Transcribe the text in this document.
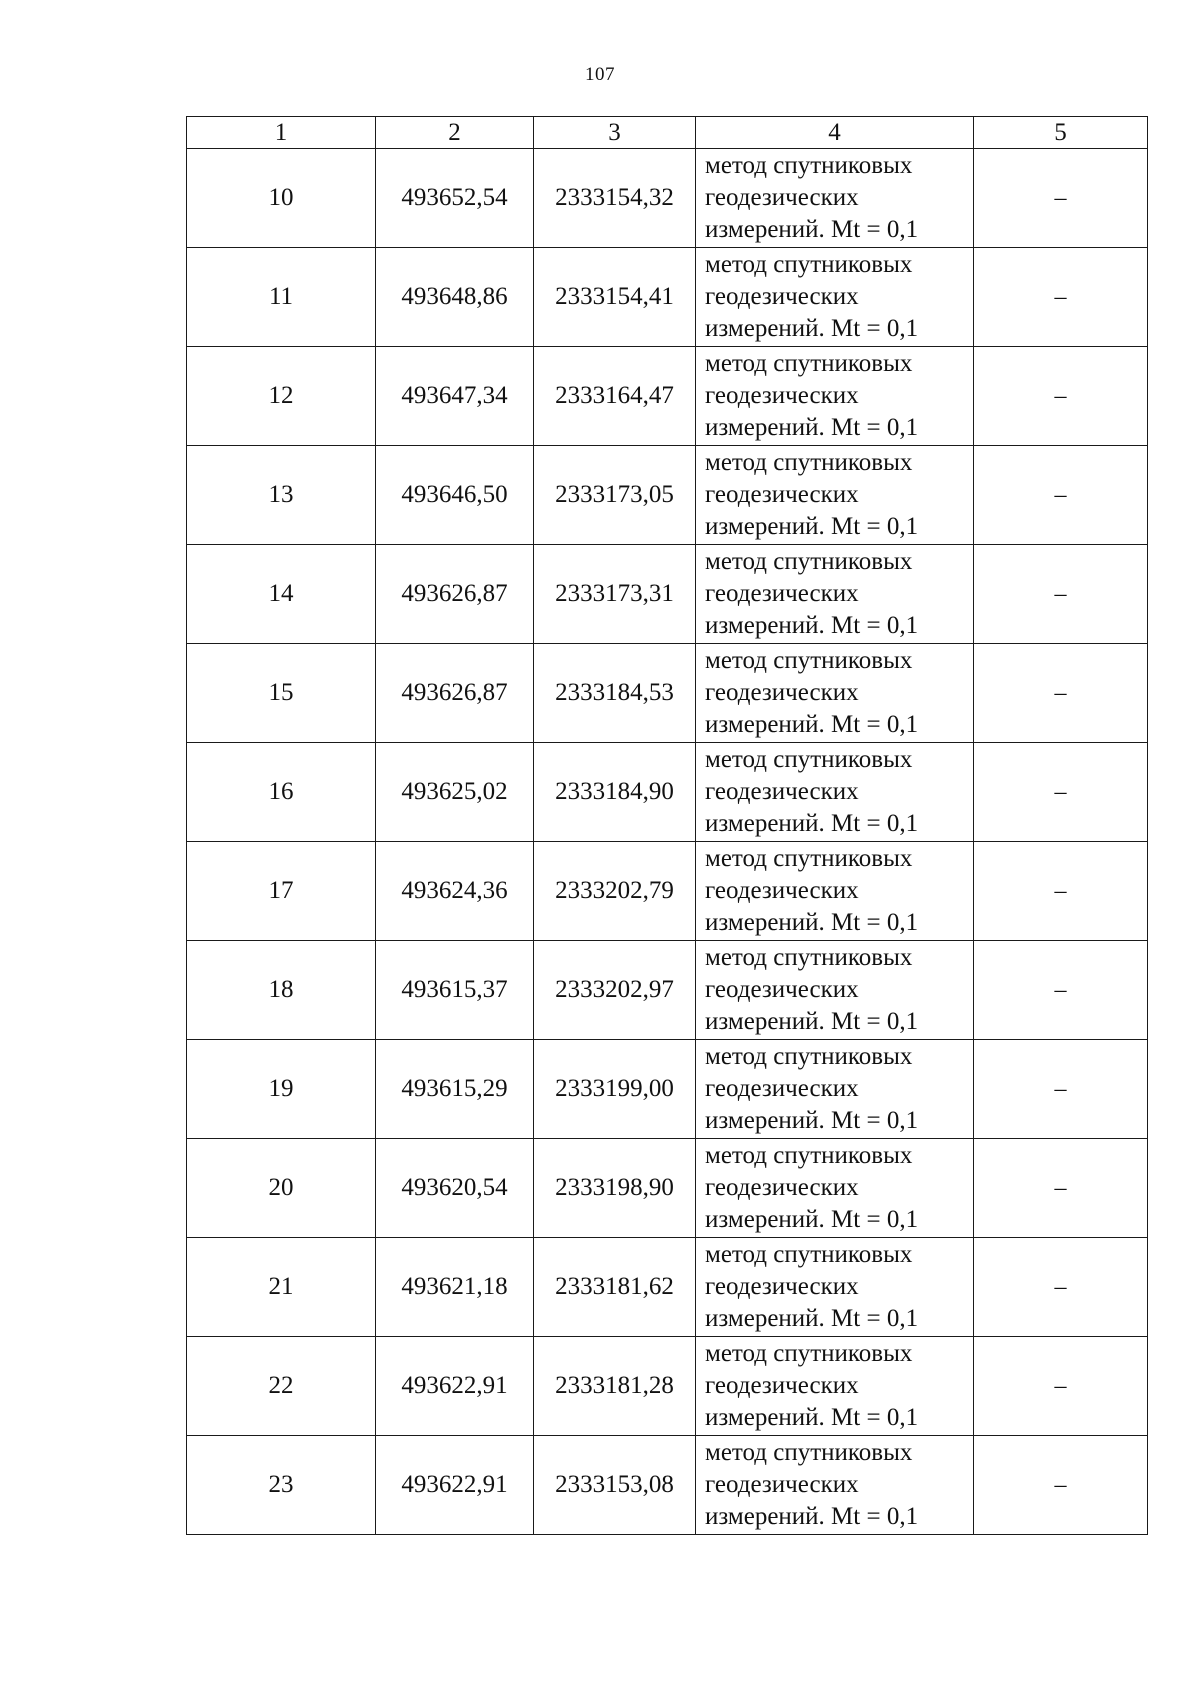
107
1	2	3	4	5
10	493652,54	2333154,32	метод спутниковых
геодезических
измерений. Mt = 0,1	–
11	493648,86	2333154,41	метод спутниковых
геодезических
измерений. Mt = 0,1	–
12	493647,34	2333164,47	метод спутниковых
геодезических
измерений. Mt = 0,1	–
13	493646,50	2333173,05	метод спутниковых
геодезических
измерений. Mt = 0,1	–
14	493626,87	2333173,31	метод спутниковых
геодезических
измерений. Mt = 0,1	–
15	493626,87	2333184,53	метод спутниковых
геодезических
измерений. Mt = 0,1	–
16	493625,02	2333184,90	метод спутниковых
геодезических
измерений. Mt = 0,1	–
17	493624,36	2333202,79	метод спутниковых
геодезических
измерений. Mt = 0,1	–
18	493615,37	2333202,97	метод спутниковых
геодезических
измерений. Mt = 0,1	–
19	493615,29	2333199,00	метод спутниковых
геодезических
измерений. Mt = 0,1	–
20	493620,54	2333198,90	метод спутниковых
геодезических
измерений. Mt = 0,1	–
21	493621,18	2333181,62	метод спутниковых
геодезических
измерений. Mt = 0,1	–
22	493622,91	2333181,28	метод спутниковых
геодезических
измерений. Mt = 0,1	–
23	493622,91	2333153,08	метод спутниковых
геодезических
измерений. Mt = 0,1	–
